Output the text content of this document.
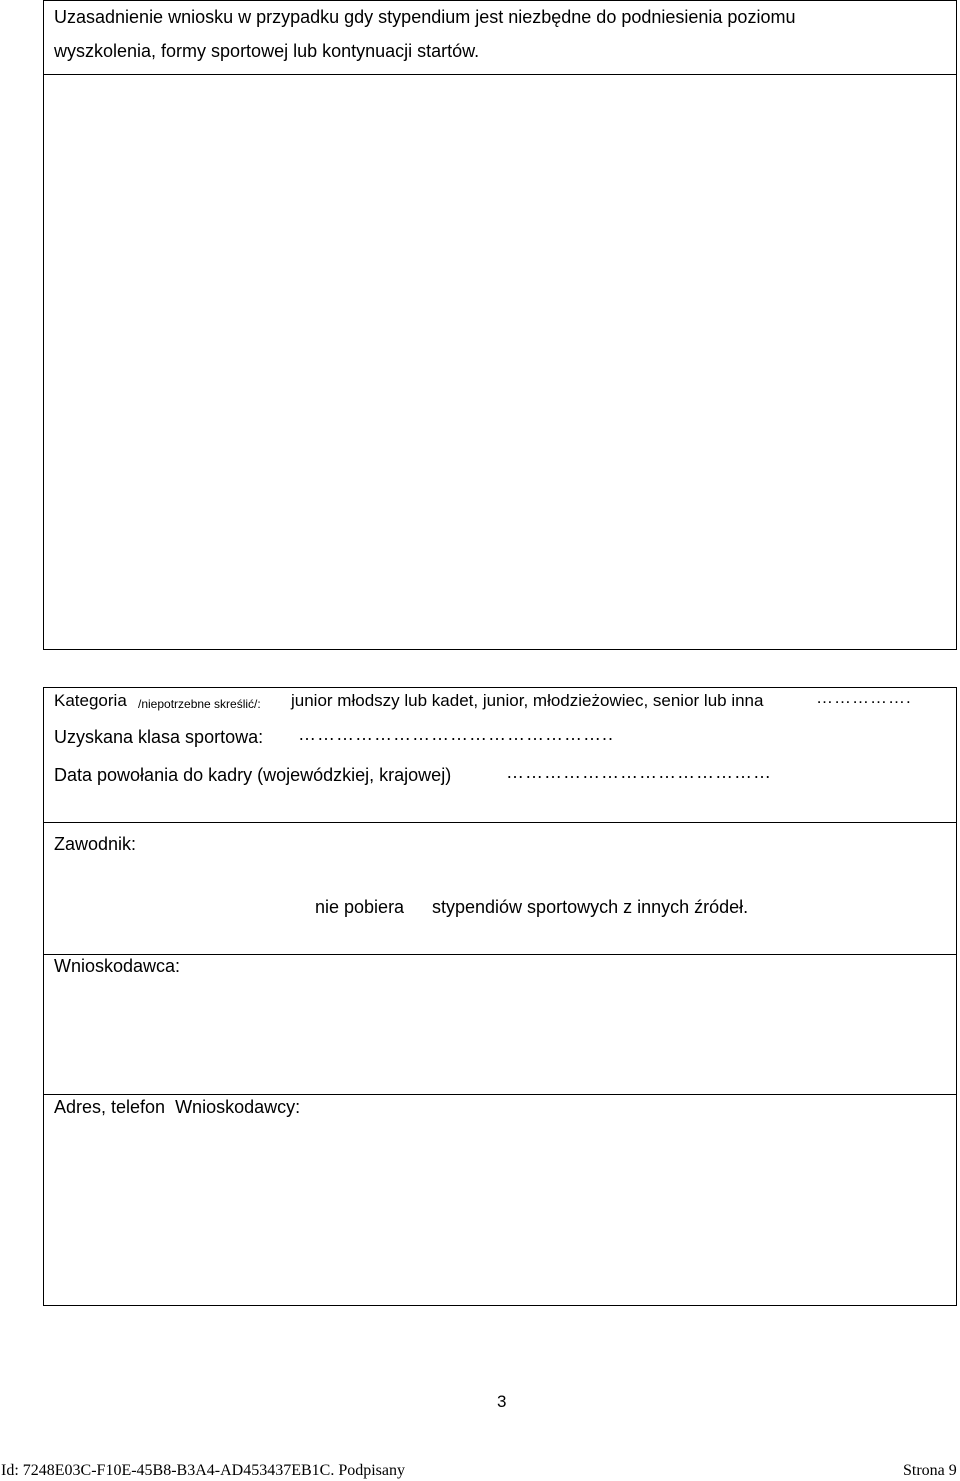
Uzasadnienie wniosku w przypadku gdy stypendium jest niezbędne do podniesienia poziomu
wyszkolenia, formy sportowej lub kontynuacji startów.
Kategoria /niepotrzebne skreślić/: junior młodszy lub kadet, junior, młodzieżowiec, senior lub inna	…………….
Uzyskana klasa sportowa: …………………………………………..
Data powołania do kadry (wojewódzkiej, krajowej)	……………………………………
Zawodnik:
nie pobiera stypendiów sportowych z innych źródeł.
Wnioskodawca:
Adres, telefon  Wnioskodawcy:
3
Id: 7248E03C-F10E-45B8-B3A4-AD453437EB1C. Podpisany	Strona 9
